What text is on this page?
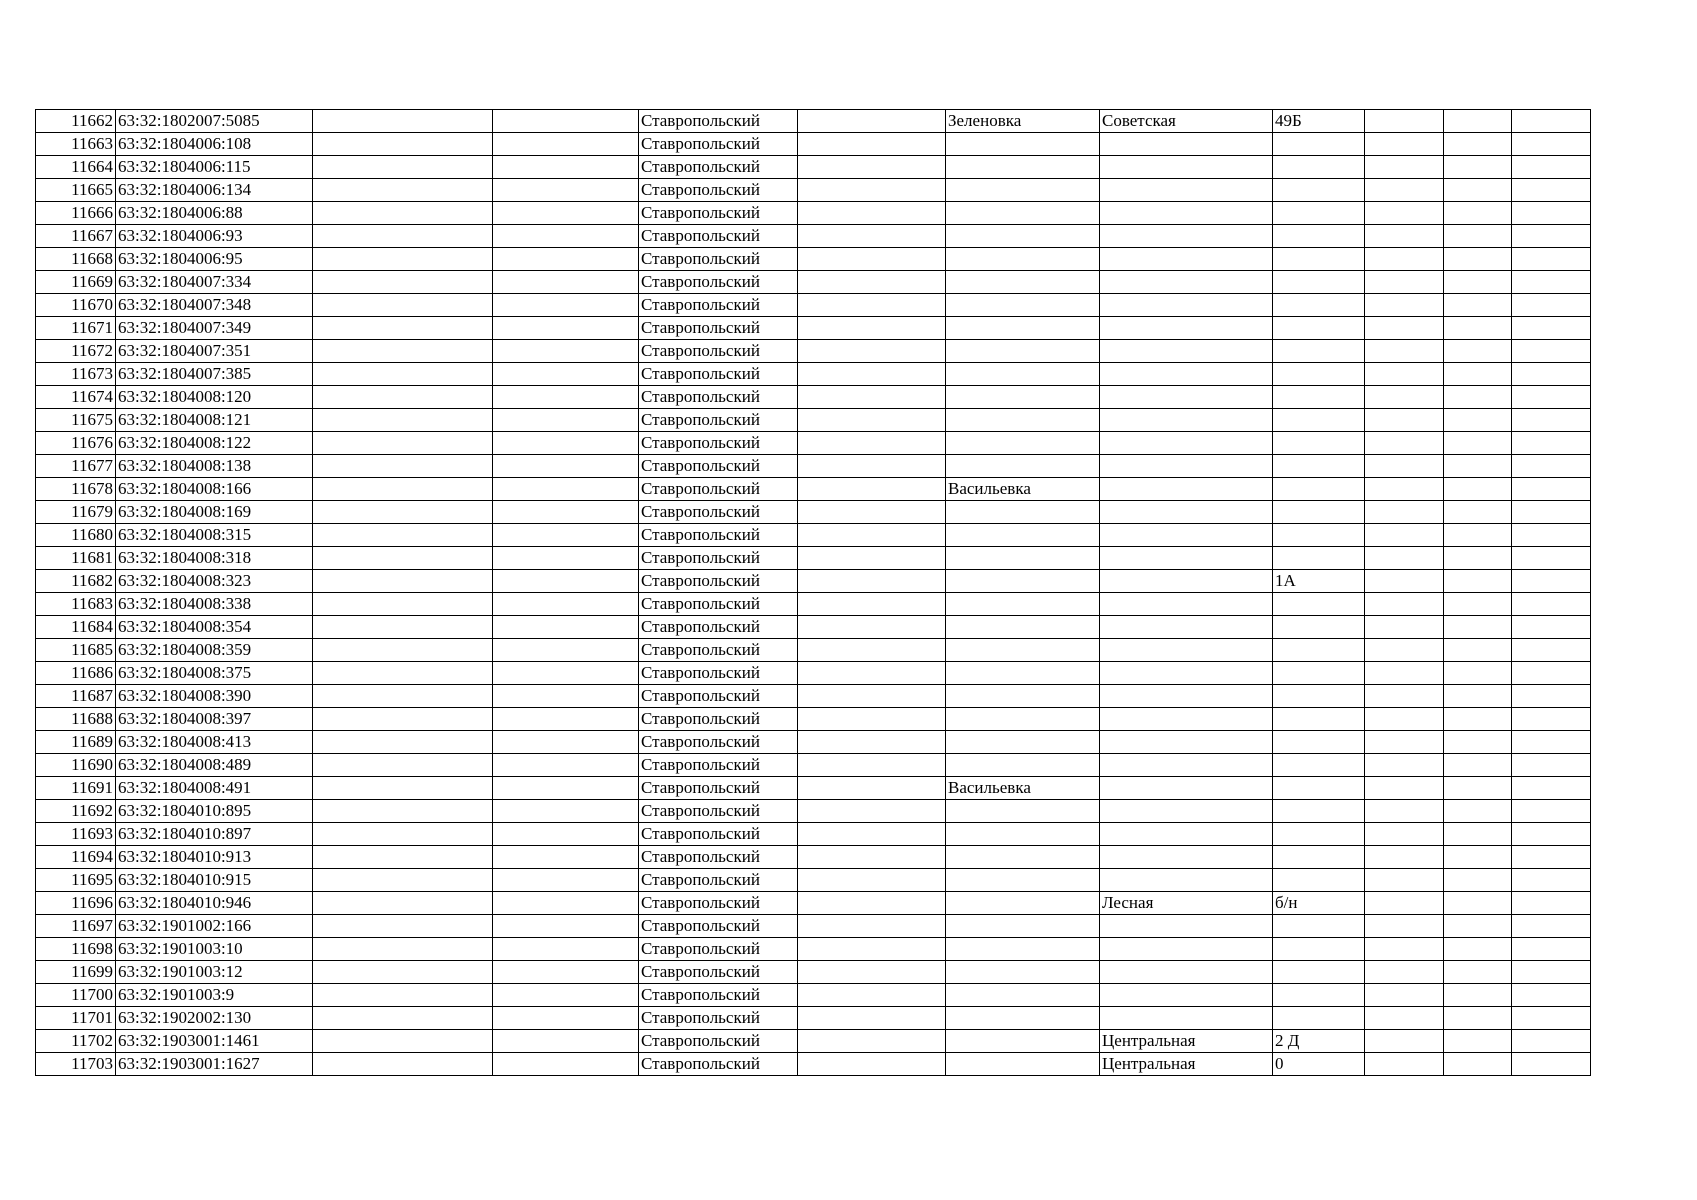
11662	63:32:1802007:5085			Ставропольский		Зеленовка	Советская	49Б			
11663	63:32:1804006:108			Ставропольский							
11664	63:32:1804006:115			Ставропольский							
11665	63:32:1804006:134			Ставропольский							
11666	63:32:1804006:88			Ставропольский							
11667	63:32:1804006:93			Ставропольский							
11668	63:32:1804006:95			Ставропольский							
11669	63:32:1804007:334			Ставропольский							
11670	63:32:1804007:348			Ставропольский							
11671	63:32:1804007:349			Ставропольский							
11672	63:32:1804007:351			Ставропольский							
11673	63:32:1804007:385			Ставропольский							
11674	63:32:1804008:120			Ставропольский							
11675	63:32:1804008:121			Ставропольский							
11676	63:32:1804008:122			Ставропольский							
11677	63:32:1804008:138			Ставропольский							
11678	63:32:1804008:166			Ставропольский		Васильевка					
11679	63:32:1804008:169			Ставропольский							
11680	63:32:1804008:315			Ставропольский							
11681	63:32:1804008:318			Ставропольский							
11682	63:32:1804008:323			Ставропольский				1А			
11683	63:32:1804008:338			Ставропольский							
11684	63:32:1804008:354			Ставропольский							
11685	63:32:1804008:359			Ставропольский							
11686	63:32:1804008:375			Ставропольский							
11687	63:32:1804008:390			Ставропольский							
11688	63:32:1804008:397			Ставропольский							
11689	63:32:1804008:413			Ставропольский							
11690	63:32:1804008:489			Ставропольский							
11691	63:32:1804008:491			Ставропольский		Васильевка					
11692	63:32:1804010:895			Ставропольский							
11693	63:32:1804010:897			Ставропольский							
11694	63:32:1804010:913			Ставропольский							
11695	63:32:1804010:915			Ставропольский							
11696	63:32:1804010:946			Ставропольский			Лесная	б/н			
11697	63:32:1901002:166			Ставропольский							
11698	63:32:1901003:10			Ставропольский							
11699	63:32:1901003:12			Ставропольский							
11700	63:32:1901003:9			Ставропольский							
11701	63:32:1902002:130			Ставропольский							
11702	63:32:1903001:1461			Ставропольский			Центральная	2 Д			
11703	63:32:1903001:1627			Ставропольский			Центральная	0			
